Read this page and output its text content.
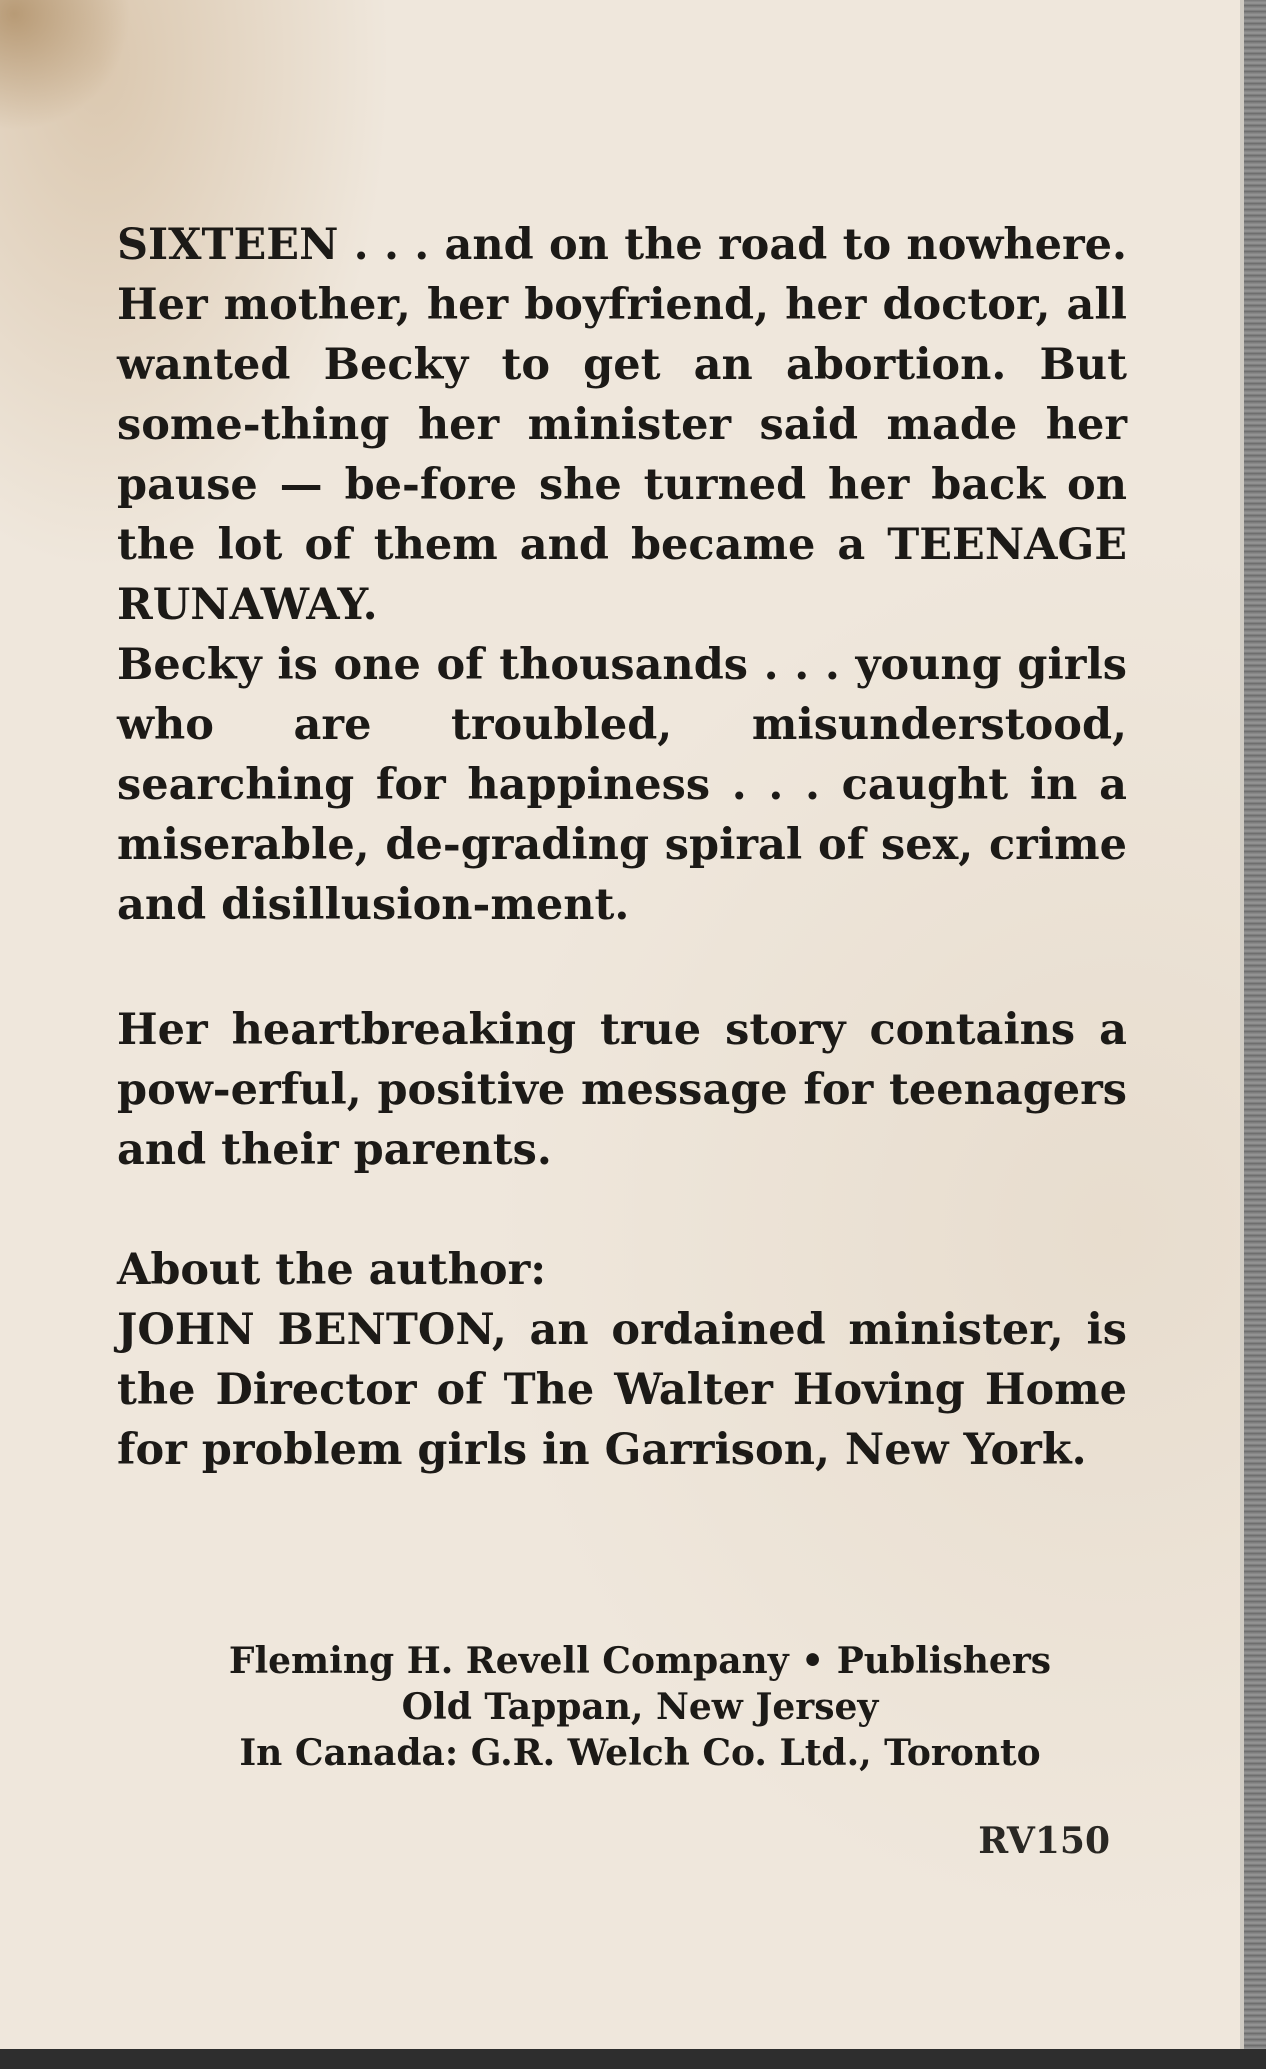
SIXTEEN . . . and on the road to nowhere. Her mother, her boyfriend, her doctor, all wanted Becky to get an abortion. But some-thing her minister said made her pause — be-fore she turned her back on the lot of them and became a TEENAGE RUNAWAY.

Becky is one of thousands . . . young girls who are troubled, misunderstood, searching for happiness . . . caught in a miserable, de-grading spiral of sex, crime and disillusion-ment.

Her heartbreaking true story contains a pow-erful, positive message for teenagers and their parents.

About the author:

JOHN BENTON, an ordained minister, is the Director of The Walter Hoving Home for problem girls in Garrison, New York.

Fleming H. Revell Company • Publishers

Old Tappan, New Jersey

In Canada: G.R. Welch Co. Ltd., Toronto

RV150
